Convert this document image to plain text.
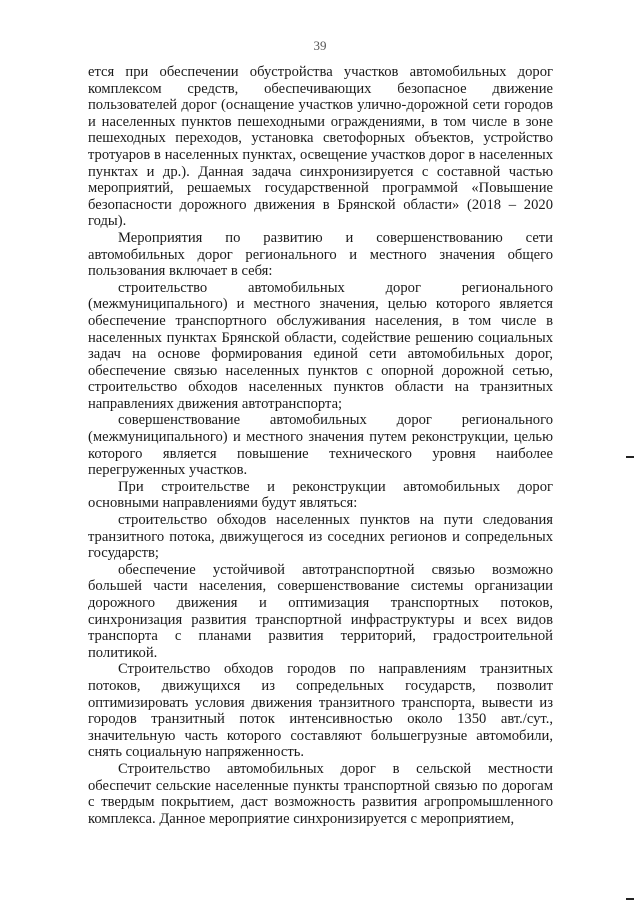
39

ется при обеспечении обустройства участков автомобильных дорог комплексом средств, обеспечивающих безопасное движение пользователей дорог (оснащение участков улично-дорожной сети городов и населенных пунктов пешеходными ограждениями, в том числе в зоне пешеходных переходов, установка светофорных объектов, устройство тротуаров в населенных пунктах, освещение участков дорог в населенных пунктах и др.). Данная задача синхронизируется с составной частью мероприятий, решаемых государственной программой «Повышение безопасности дорожного движения в Брянской области» (2018 – 2020 годы).

Мероприятия по развитию и совершенствованию сети автомобильных дорог регионального и местного значения общего пользования включает в себя:

строительство автомобильных дорог регионального (межмуниципального) и местного значения, целью которого является обеспечение транспортного обслуживания населения, в том числе в населенных пунктах Брянской области, содействие решению социальных задач на основе формирования единой сети автомобильных дорог, обеспечение связью населенных пунктов с опорной дорожной сетью, строительство обходов населенных пунктов области на транзитных направлениях движения автотранспорта;

совершенствование автомобильных дорог регионального (межмуниципального) и местного значения путем реконструкции, целью которого является повышение технического уровня наиболее перегруженных участков.

При строительстве и реконструкции автомобильных дорог основными направлениями будут являться:

строительство обходов населенных пунктов на пути следования транзитного потока, движущегося из соседних регионов и сопредельных государств;

обеспечение устойчивой автотранспортной связью возможно большей части населения, совершенствование системы организации дорожного движения и оптимизация транспортных потоков, синхронизация развития транспортной инфраструктуры и всех видов транспорта с планами развития территорий, градостроительной политикой.

Строительство обходов городов по направлениям транзитных потоков, движущихся из сопредельных государств, позволит оптимизировать условия движения транзитного транспорта, вывести из городов транзитный поток интенсивностью около 1350 авт./сут., значительную часть которого составляют большегрузные автомобили, снять социальную напряженность.

Строительство автомобильных дорог в сельской местности обеспечит сельские населенные пункты транспортной связью по дорогам с твердым покрытием, даст возможность развития агропромышленного комплекса. Данное мероприятие синхронизируется с мероприятием,
